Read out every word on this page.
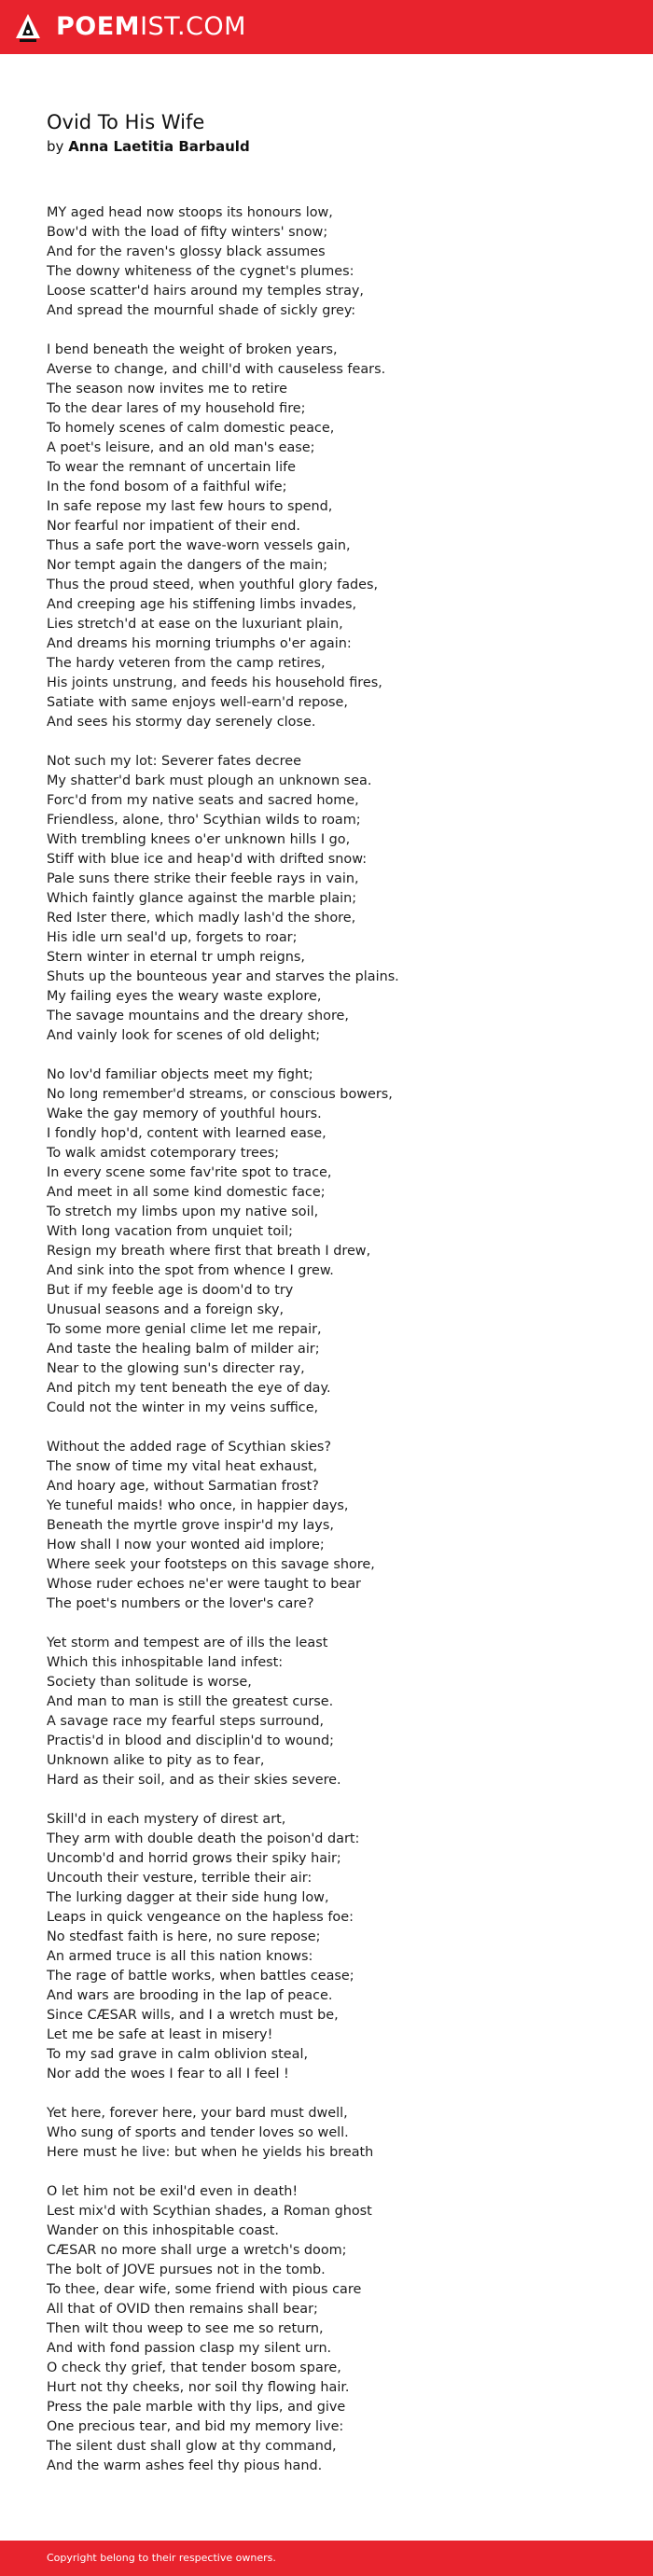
POEMIST.COM
Ovid To His Wife
by Anna Laetitia Barbauld
MY aged head now stoops its honours low,
Bow'd with the load of fifty winters' snow;
And for the raven's glossy black assumes
The downy whiteness of the cygnet's plumes:
Loose scatter'd hairs around my temples stray,
And spread the mournful shade of sickly grey:
I bend beneath the weight of broken years,
Averse to change, and chill'd with causeless fears.
The season now invites me to retire
To the dear lares of my household fire;
To homely scenes of calm domestic peace,
A poet's leisure, and an old man's ease;
To wear the remnant of uncertain life
In the fond bosom of a faithful wife;
In safe repose my last few hours to spend,
Nor fearful nor impatient of their end.
Thus a safe port the wave-worn vessels gain,
Nor tempt again the dangers of the main;
Thus the proud steed, when youthful glory fades,
And creeping age his stiffening limbs invades,
Lies stretch'd at ease on the luxuriant plain,
And dreams his morning triumphs o'er again:
The hardy veteren from the camp retires,
His joints unstrung, and feeds his household fires,
Satiate with same enjoys well-earn'd repose,
And sees his stormy day serenely close.
Not such my lot: Severer fates decree
My shatter'd bark must plough an unknown sea.
Forc'd from my native seats and sacred home,
Friendless, alone, thro' Scythian wilds to roam;
With trembling knees o'er unknown hills I go,
Stiff with blue ice and heap'd with drifted snow:
Pale suns there strike their feeble rays in vain,
Which faintly glance against the marble plain;
Red Ister there, which madly lash'd the shore,
His idle urn seal'd up, forgets to roar;
Stern winter in eternal tr umph reigns,
Shuts up the bounteous year and starves the plains.
My failing eyes the weary waste explore,
The savage mountains and the dreary shore,
And vainly look for scenes of old delight;
No lov'd familiar objects meet my fight;
No long remember'd streams, or conscious bowers,
Wake the gay memory of youthful hours.
I fondly hop'd, content with learned ease,
To walk amidst cotemporary trees;
In every scene some fav'rite spot to trace,
And meet in all some kind domestic face;
To stretch my limbs upon my native soil,
With long vacation from unquiet toil;
Resign my breath where first that breath I drew,
And sink into the spot from whence I grew.
But if my feeble age is doom'd to try
Unusual seasons and a foreign sky,
To some more genial clime let me repair,
And taste the healing balm of milder air;
Near to the glowing sun's directer ray,
And pitch my tent beneath the eye of day.
Could not the winter in my veins suffice,
Without the added rage of Scythian skies?
The snow of time my vital heat exhaust,
And hoary age, without Sarmatian frost?
Ye tuneful maids! who once, in happier days,
Beneath the myrtle grove inspir'd my lays,
How shall I now your wonted aid implore;
Where seek your footsteps on this savage shore,
Whose ruder echoes ne'er were taught to bear
The poet's numbers or the lover's care?
Yet storm and tempest are of ills the least
Which this inhospitable land infest:
Society than solitude is worse,
And man to man is still the greatest curse.
A savage race my fearful steps surround,
Practis'd in blood and disciplin'd to wound;
Unknown alike to pity as to fear,
Hard as their soil, and as their skies severe.
Skill'd in each mystery of direst art,
They arm with double death the poison'd dart:
Uncomb'd and horrid grows their spiky hair;
Uncouth their vesture, terrible their air:
The lurking dagger at their side hung low,
Leaps in quick vengeance on the hapless foe:
No stedfast faith is here, no sure repose;
An armed truce is all this nation knows:
The rage of battle works, when battles cease;
And wars are brooding in the lap of peace.
Since CÆSAR wills, and I a wretch must be,
Let me be safe at least in misery!
To my sad grave in calm oblivion steal,
Nor add the woes I fear to all I feel !
Yet here, forever here, your bard must dwell,
Who sung of sports and tender loves so well.
Here must he live: but when he yields his breath
O let him not be exil'd even in death!
Lest mix'd with Scythian shades, a Roman ghost
Wander on this inhospitable coast.
CÆSAR no more shall urge a wretch's doom;
The bolt of JOVE pursues not in the tomb.
To thee, dear wife, some friend with pious care
All that of OVID then remains shall bear;
Then wilt thou weep to see me so return,
And with fond passion clasp my silent urn.
O check thy grief, that tender bosom spare,
Hurt not thy cheeks, nor soil thy flowing hair.
Press the pale marble with thy lips, and give
One precious tear, and bid my memory live:
The silent dust shall glow at thy command,
And the warm ashes feel thy pious hand.
Copyright belong to their respective owners.
